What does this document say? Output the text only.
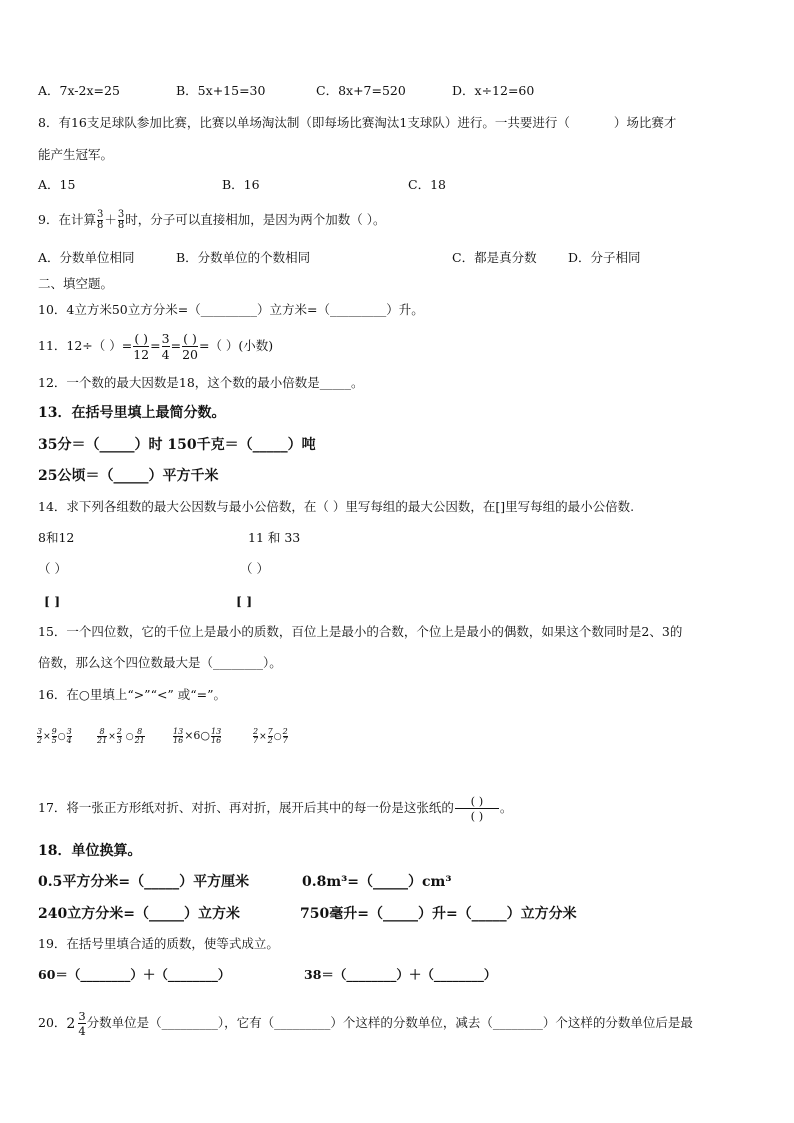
A．7x-2x=25	B．5x+15=30	C．8x+7=520	D．x÷12=60
8．有16支足球队参加比赛，比赛以单场淘汰制（即每场比赛淘汰1支球队）进行。一共要进行（	）场比赛才
能产生冠军。
A．15	B．16	C．18
9．在计算 $\frac{3}{8} + \frac{3}{8}$ 时，分子可以直接相加，是因为两个加数（ ）。
A．分数单位相同	B．分数单位的个数相同	C．都是真分数	D．分子相同
二、填空题。
10．4立方米50立方分米=（_________）立方米=（_________）升。
11．12÷（ ）= $\frac{( )}{12} = \frac{3}{4} = \frac{( )}{20}$ =（ ）(小数)
12．一个数的最大因数是18，这个数的最小倍数是_____。
13．在括号里填上最简分数。
35分＝（_____）时 150千克＝（_____）吨
25公顷＝（_____）平方千米
14．求下列各组数的最大公因数与最小公倍数，在（ ）里写每组的最大公因数，在[]里写每组的最小公倍数.
8和12	11 和 33
（ ）	（ ）
[ ]	[ ]
15．一个四位数，它的千位上是最小的质数，百位上是最小的合数，个位上是最小的偶数，如果这个数同时是2、3的
倍数，那么这个四位数最大是（________）。
16．在○里填上“>”“<” 或“=”。
$\frac{3}{2} \times \frac{9}{5}$ ○ $\frac{3}{4}$	$\frac{8}{21} \times \frac{2}{3}$ ○ $\frac{8}{21}$	$\frac{13}{16}$ ×6○ $\frac{13}{16}$	$\frac{2}{7} \times \frac{7}{2}$ ○ $\frac{2}{7}$
17．将一张正方形纸对折、对折、再对折，展开后其中的每一份是这张纸的 $\frac{( )}{( )}$ 。
18．单位换算。
0.5平方分米=（_____）平方厘米	0.8m³=（_____）cm³
240立方分米=（_____）立方米	750毫升=（_____）升=（_____）立方分米
19．在括号里填合适的质数，使等式成立。
60＝（________）＋（________）	38＝（________）＋（________）
20． $2 \frac{3}{4}$ 分数单位是（_________），它有（_________）个这样的分数单位，减去（________）个这样的分数单位后是最
